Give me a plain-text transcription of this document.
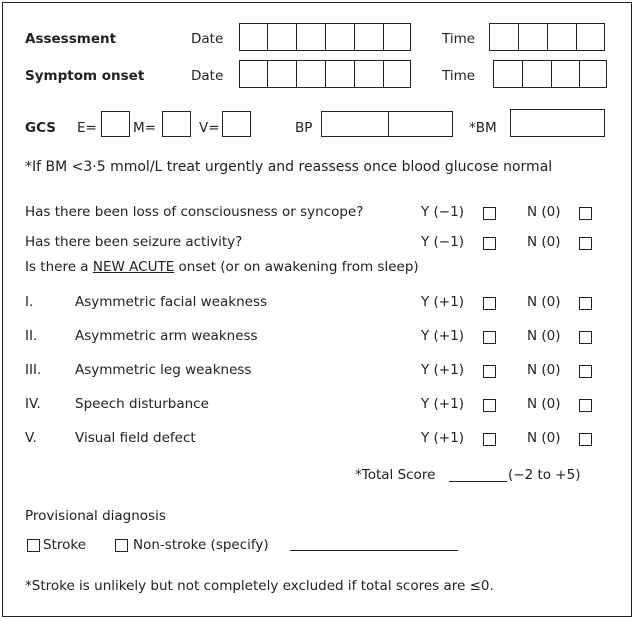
Assessment	Date	Time
Symptom onset	Date	Time
GCS E=	M=	V=	BP	*BM
*If BM <3·5 mmol/L treat urgently and reassess once blood glucose normal
Has there been loss of consciousness or syncope?	Y (−1)	N (0)
Has there been seizure activity?	Y (−1)	N (0)
Is there a NEW ACUTE onset (or on awakening from sleep)
I.	Asymmetric facial weakness	Y (+1)	N (0)
II.	Asymmetric arm weakness	Y (+1)	N (0)
III.	Asymmetric leg weakness	Y (+1)	N (0)
IV.	Speech disturbance	Y (+1)	N (0)
V.	Visual field defect	Y (+1)	N (0)
*Total Score	(−2 to +5)
Provisional diagnosis
Stroke	Non-stroke (specify)
*Stroke is unlikely but not completely excluded if total scores are ≤0.
